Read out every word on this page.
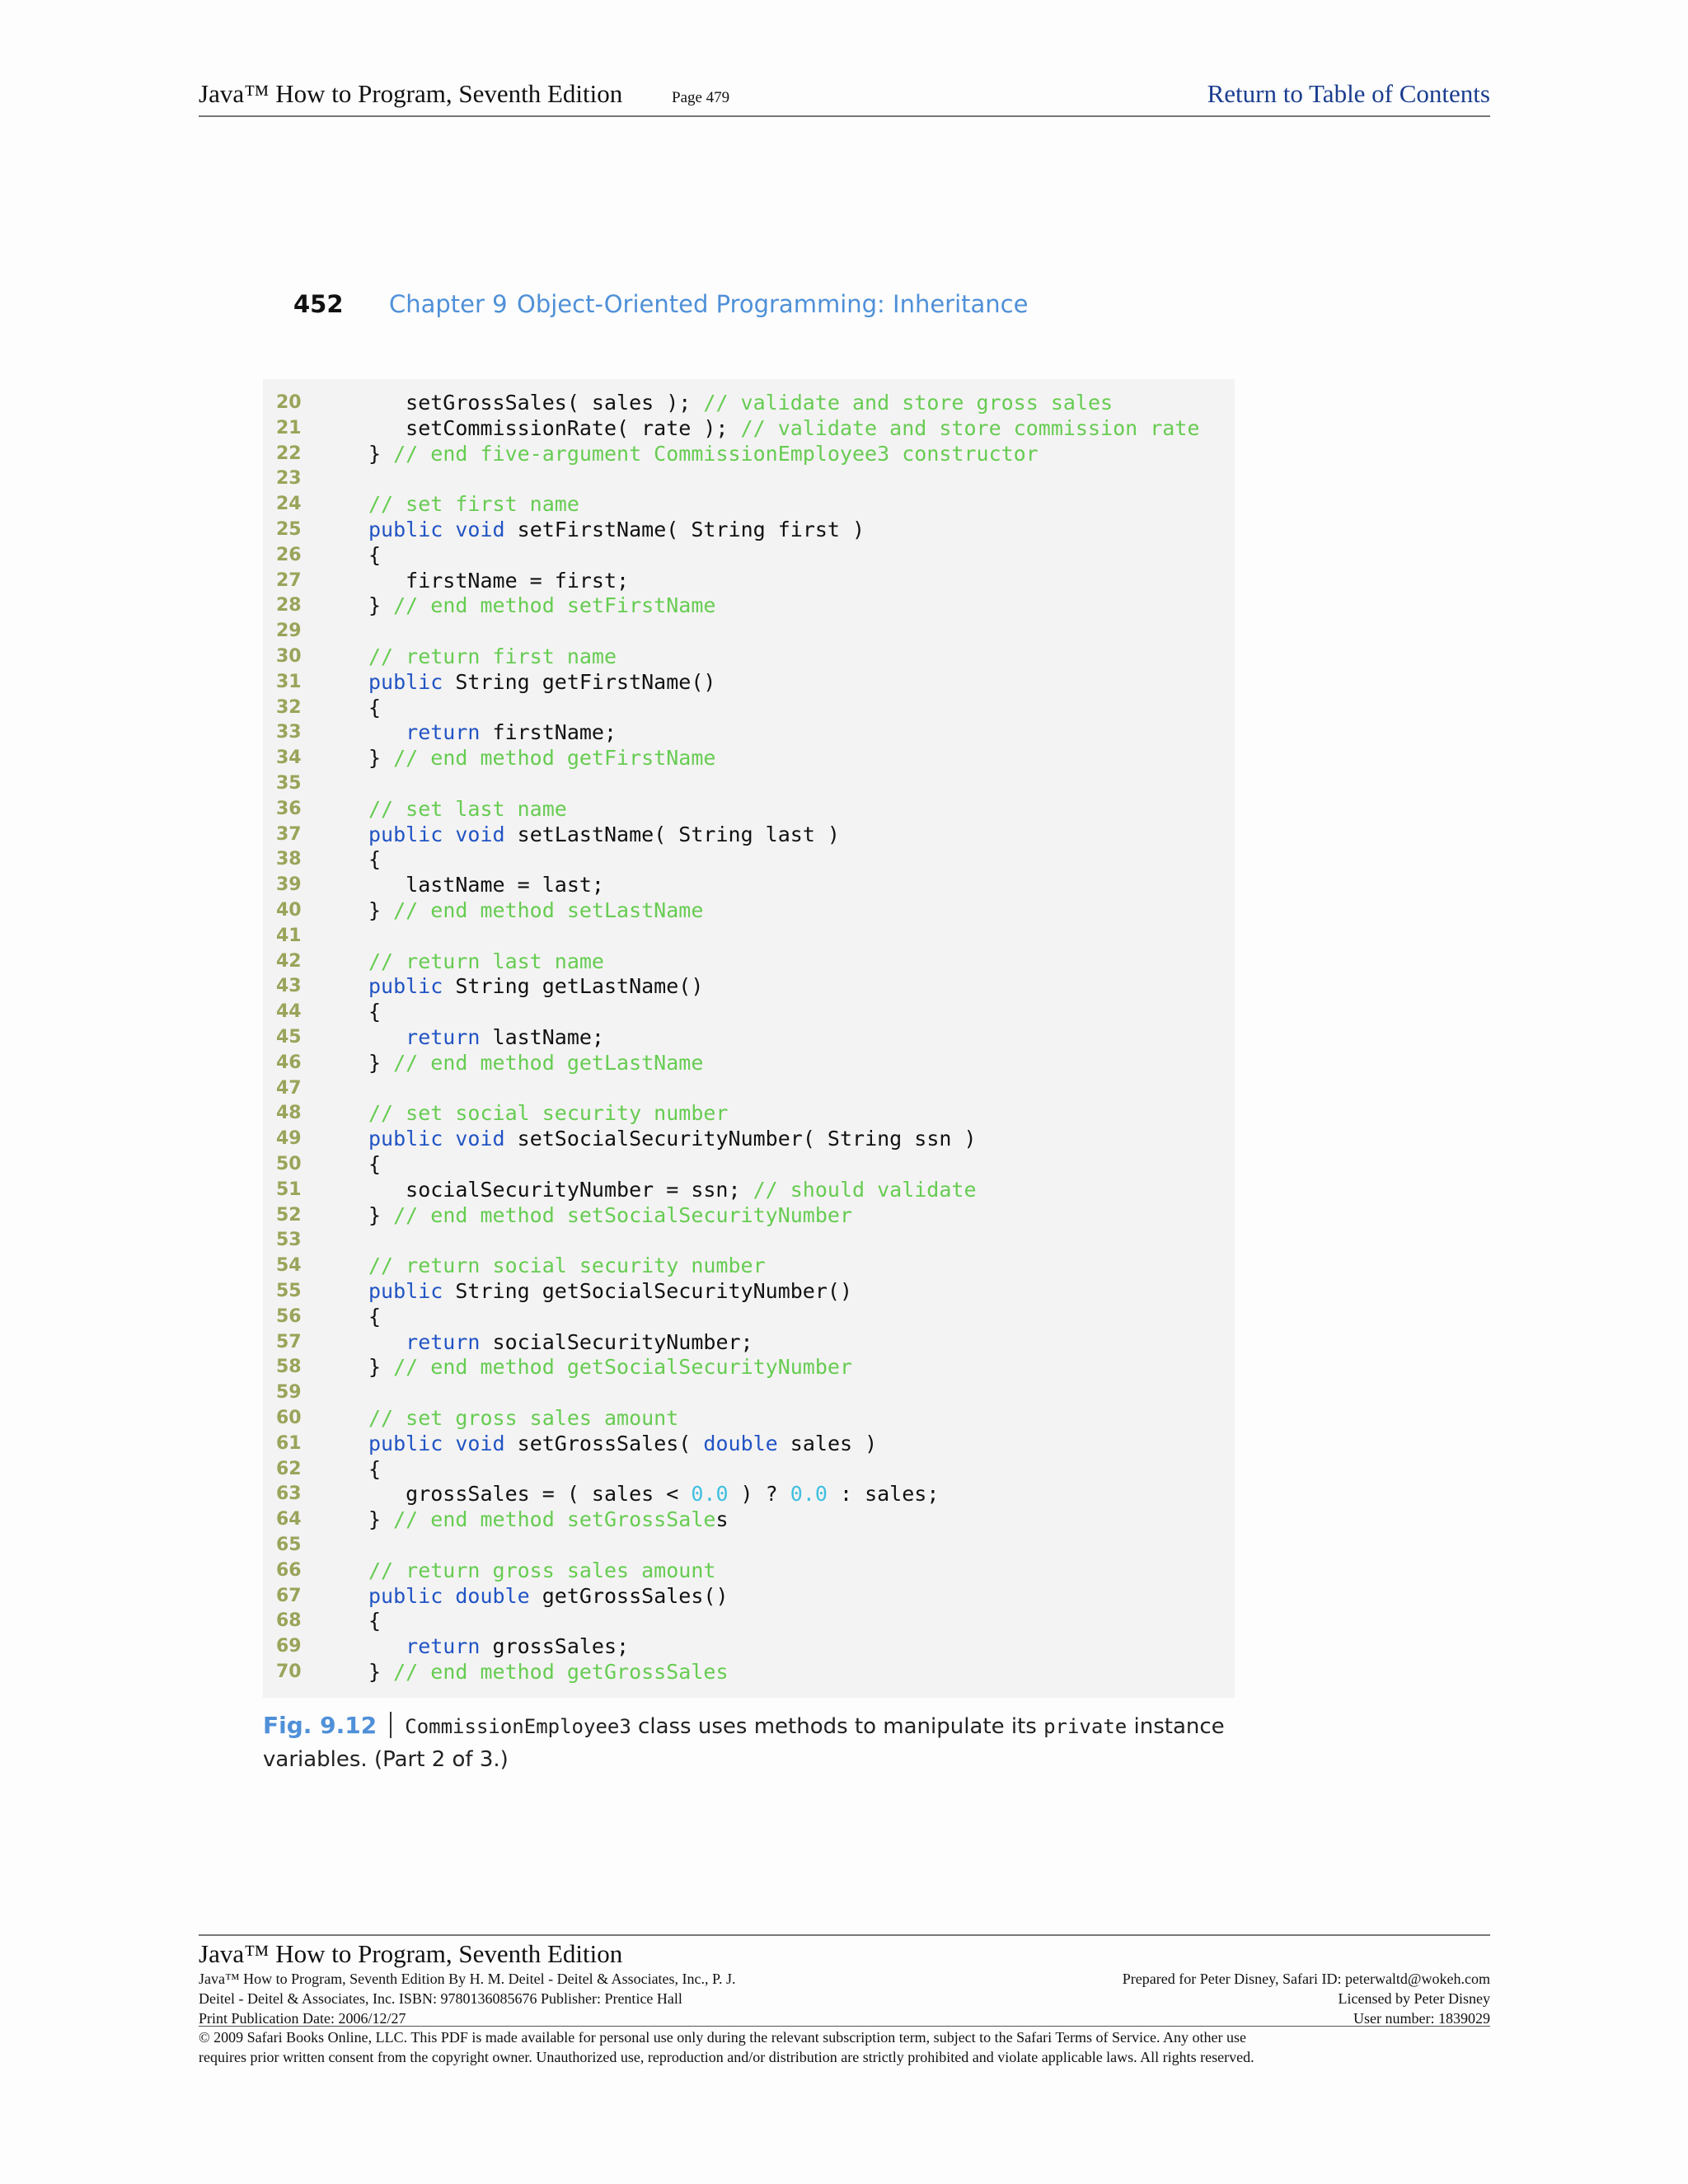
Java™ How to Program, Seventh Edition	Page 479	Return to Table of Contents
452 Chapter 9 Object-Oriented Programming: Inheritance
20	setGrossSales( sales ); // validate and store gross sales
21	setCommissionRate( rate ); // validate and store commission rate
22	} // end five-argument CommissionEmployee3 constructor
23
24	// set first name
25	public void setFirstName( String first )
26	{
27	firstName = first;
28	} // end method setFirstName
29
30	// return first name
31	public String getFirstName()
32	{
33	return firstName;
34	} // end method getFirstName
35
36	// set last name
37	public void setLastName( String last )
38	{
39	lastName = last;
40	} // end method setLastName
41
42	// return last name
43	public String getLastName()
44	{
45	return lastName;
46	} // end method getLastName
47
48	// set social security number
49	public void setSocialSecurityNumber( String ssn )
50	{
51	socialSecurityNumber = ssn; // should validate
52	} // end method setSocialSecurityNumber
53
54	// return social security number
55	public String getSocialSecurityNumber()
56	{
57	return socialSecurityNumber;
58	} // end method getSocialSecurityNumber
59
60	// set gross sales amount
61	public void setGrossSales( double sales )
62	{
63	grossSales = ( sales < 0.0 ) ? 0.0 : sales;
64	} // end method setGrossSales
65
66	// return gross sales amount
67	public double getGrossSales()
68	{
69	return grossSales;
70	} // end method getGrossSales
Fig. 9.12 CommissionEmployee3 class uses methods to manipulate its private instance variables. (Part 2 of 3.)
Java™ How to Program, Seventh Edition
Java™ How to Program, Seventh Edition By H. M. Deitel - Deitel & Associates, Inc., P. J.
Deitel - Deitel & Associates, Inc. ISBN: 9780136085676 Publisher: Prentice Hall
Print Publication Date: 2006/12/27
Prepared for Peter Disney, Safari ID: peterwaltd@wokeh.com
Licensed by Peter Disney
User number: 1839029
© 2009 Safari Books Online, LLC. This PDF is made available for personal use only during the relevant subscription term, subject to the Safari Terms of Service. Any other use
requires prior written consent from the copyright owner. Unauthorized use, reproduction and/or distribution are strictly prohibited and violate applicable laws. All rights reserved.
